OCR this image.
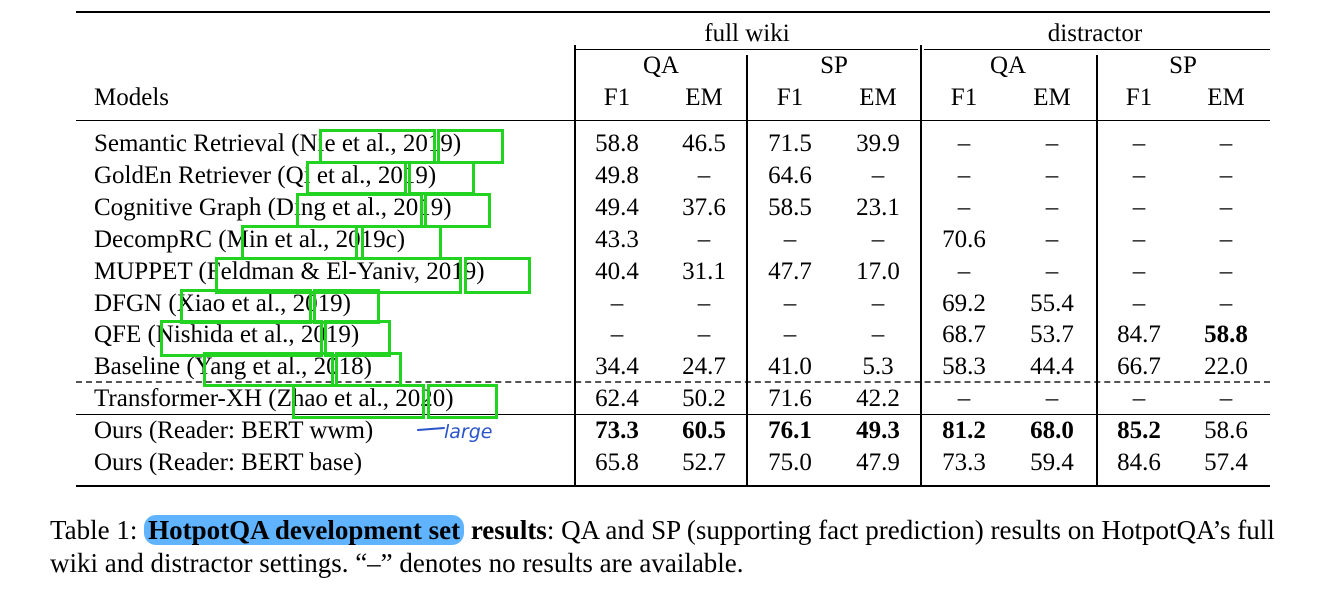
full wiki	distractor
QA	SP	QA	SP
Models	F1 EM F1 EM F1 EM F1 EM
Semantic Retrieval (Nie et al., 2019)	58.8 46.5 71.5 39.9 –	–	–	–
GoldEn Retriever (Qi et al., 2019)	49.8 – 64.6 –	–	–	–	–
Cognitive Graph (Ding et al., 2019)	49.4 37.6 58.5 23.1 –	–	–	–
DecompRC (Min et al., 2019c)	43.3 –	–	– 70.6 –	–	–
MUPPET (Feldman & El-Yaniv, 2019)	40.4 31.1 47.7 17.0 –	–	–	–
DFGN (Xiao et al., 2019)	–	–	–	– 69.2 55.4 –	–
QFE (Nishida et al., 2019)	–	–	–	– 68.7 53.7 84.7 58.8
Baseline (Yang et al., 2018)	34.4 24.7 41.0 5.3 58.3 44.4 66.7 22.0
Transformer-XH (Zhao et al., 2020)	62.4 50.2 71.6 42.2 –	–	–	–
Ours (Reader: BERT wwm)	73.3 60.5 76.1 49.3 81.2 68.0 85.2 58.6
Ours (Reader: BERT base)	65.8 52.7 75.0 47.9 73.3 59.4 84.6 57.4
large
Table 1: HotpotQA development set results: QA and SP (supporting fact prediction) results on HotpotQA’s full wiki and distractor settings. “–” denotes no results are available.
